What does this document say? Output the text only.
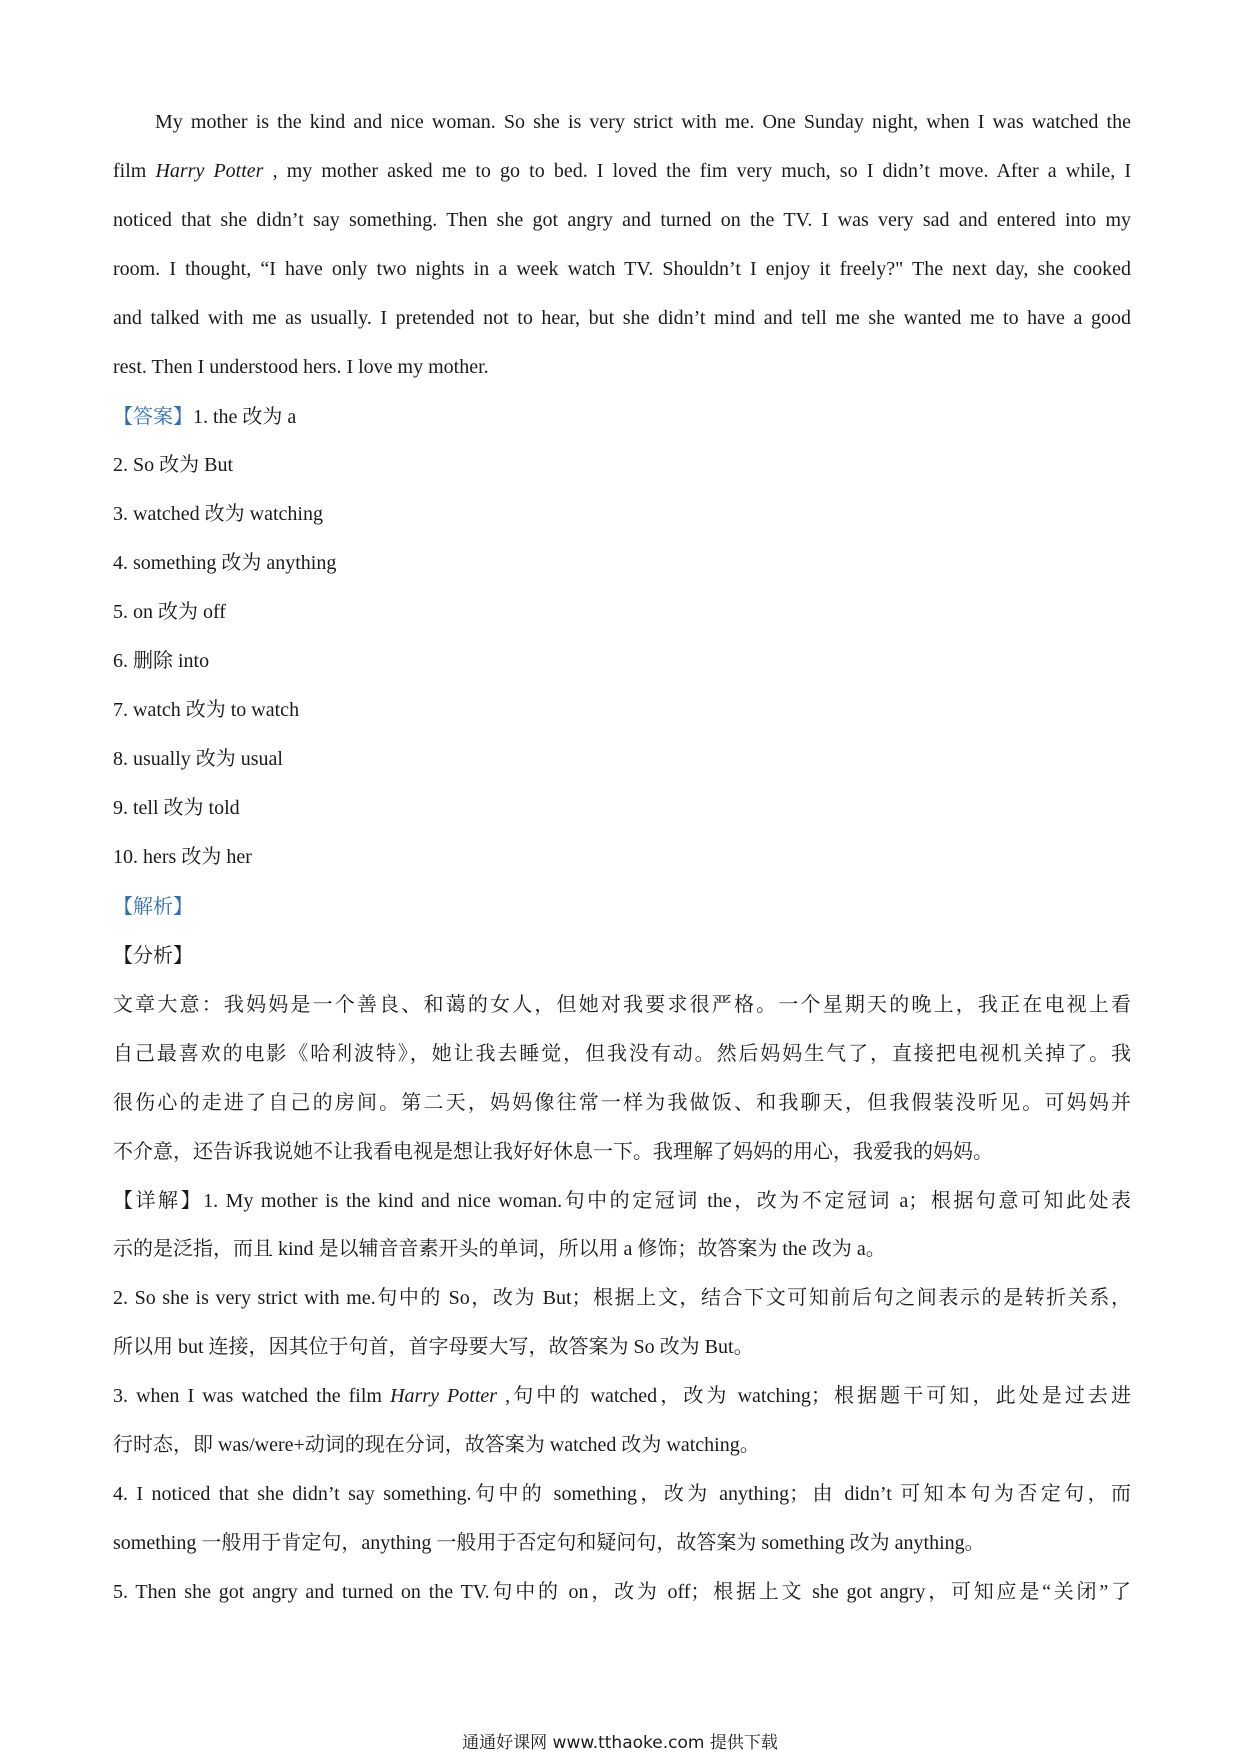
My mother is the kind and nice woman. So she is very strict with me. One Sunday night, when I was watched the
film Harry Potter , my mother asked me to go to bed. I loved the fim very much, so I didn’t move. After a while, I
noticed that she didn’t say something. Then she got angry and turned on the TV. I was very sad and entered into my
room. I thought, “I have only two nights in a week watch TV. Shouldn’t I enjoy it freely?" The next day, she cooked
and talked with me as usually. I pretended not to hear, but she didn’t mind and tell me she wanted me to have a good
rest. Then I understood hers. I love my mother.
【答案】1. the 改为 a
2. So 改为 But
3. watched 改为 watching
4. something 改为 anything
5. on 改为 off
6. 删除 into
7. watch 改为 to watch
8. usually 改为 usual
9. tell 改为 told
10. hers 改为 her
【解析】
【分析】
文章大意：我妈妈是一个善良、和蔼的女人，但她对我要求很严格。一个星期天的晚上，我正在电视上看
自己最喜欢的电影《哈利波特》，她让我去睡觉，但我没有动。然后妈妈生气了，直接把电视机关掉了。我
很伤心的走进了自己的房间。第二天，妈妈像往常一样为我做饭、和我聊天，但我假装没听见。可妈妈并
不介意，还告诉我说她不让我看电视是想让我好好休息一下。我理解了妈妈的用心，我爱我的妈妈。
【详解】1. My mother is the kind and nice woman.句中的定冠词 the，改为不定冠词 a；根据句意可知此处表
示的是泛指，而且 kind 是以辅音音素开头的单词，所以用 a 修饰；故答案为 the 改为 a。
2. So she is very strict with me.句中的 So，改为 But；根据上文，结合下文可知前后句之间表示的是转折关系，
所以用 but 连接，因其位于句首，首字母要大写，故答案为 So 改为 But。
3. when I was watched the film Harry Potter ,句中的 watched，改为 watching；根据题干可知，此处是过去进
行时态，即 was/were+动词的现在分词，故答案为 watched 改为 watching。
4. I noticed that she didn’t say something.句中的 something，改为 anything；由 didn’t 可知本句为否定句，而
something 一般用于肯定句，anything 一般用于否定句和疑问句，故答案为 something 改为 anything。
5. Then she got angry and turned on the TV.句中的 on，改为 off；根据上文 she got angry，可知应是“关闭”了
通通好课网 www.tthaoke.com 提供下载
